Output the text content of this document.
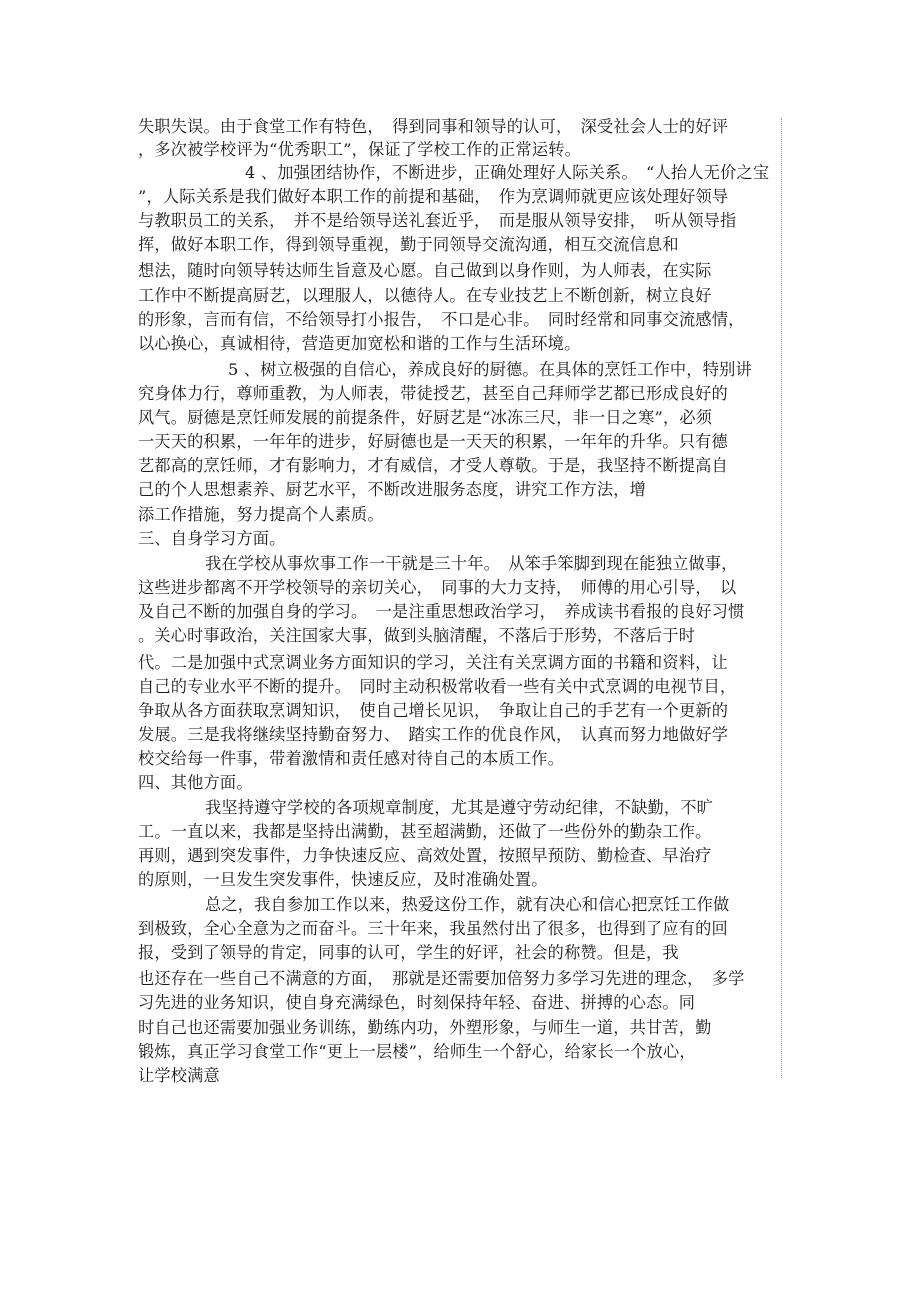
失职失误。由于食堂工作有特色，　得到同事和领导的认可，　深受社会人士的好评
，多次被学校评为“优秀职工”，保证了学校工作的正常运转。
4 、加强团结协作，不断进步，正确处理好人际关系。　“人抬人无价之宝
”，人际关系是我们做好本职工作的前提和基础，　作为烹调师就更应该处理好领导
与教职员工的关系，　并不是给领导送礼套近乎，　而是服从领导安排，　听从领导指
挥，做好本职工作，得到领导重视，勤于同领导交流沟通，相互交流信息和
想法，随时向领导转达师生旨意及心愿。自己做到以身作则，为人师表，在实际
工作中不断提高厨艺，以理服人，以德待人。在专业技艺上不断创新，树立良好
的形象，言而有信，不给领导打小报告，　不口是心非。　同时经常和同事交流感情，
以心换心，真诚相待，营造更加宽松和谐的工作与生活环境。
5 、树立极强的自信心，养成良好的厨德。在具体的烹饪工作中，特别讲
究身体力行，尊师重教，为人师表，带徒授艺，甚至自己拜师学艺都已形成良好的
风气。厨德是烹饪师发展的前提条件，好厨艺是“冰冻三尺，非一日之寒”，必须
一天天的积累，一年年的进步，好厨德也是一天天的积累，一年年的升华。只有德
艺都高的烹饪师，才有影响力，才有威信，才受人尊敬。于是，我坚持不断提高自
己的个人思想素养、厨艺水平，不断改进服务态度，讲究工作方法，增
添工作措施，努力提高个人素质。
三、自身学习方面。
我在学校从事炊事工作一干就是三十年。　从笨手笨脚到现在能独立做事，
这些进步都离不开学校领导的亲切关心，　同事的大力支持，　师傅的用心引导，　以
及自己不断的加强自身的学习。　一是注重思想政治学习，　养成读书看报的良好习惯
。关心时事政治，关注国家大事，做到头脑清醒，不落后于形势，不落后于时
代。二是加强中式烹调业务方面知识的学习，关注有关烹调方面的书籍和资料，让
自己的专业水平不断的提升。　同时主动积极常收看一些有关中式烹调的电视节目，
争取从各方面获取烹调知识，　使自己增长见识，　争取让自己的手艺有一个更新的
发展。三是我将继续坚持勤奋努力、　踏实工作的优良作风，　认真而努力地做好学
校交给每一件事，带着激情和责任感对待自己的本质工作。
四、其他方面。
我坚持遵守学校的各项规章制度，尤其是遵守劳动纪律，不缺勤，不旷
工。一直以来，我都是坚持出满勤，甚至超满勤，还做了一些份外的勤杂工作。
再则，遇到突发事件，力争快速反应、高效处置，按照早预防、勤检查、早治疗
的原则，一旦发生突发事件，快速反应，及时准确处置。
总之，我自参加工作以来，热爱这份工作，就有决心和信心把烹饪工作做
到极致，全心全意为之而奋斗。三十年来，我虽然付出了很多，也得到了应有的回
报，受到了领导的肯定，同事的认可，学生的好评，社会的称赞。但是，我
也还存在一些自己不满意的方面，　那就是还需要加倍努力多学习先进的理念，　多学
习先进的业务知识，使自身充满绿色，时刻保持年轻、奋进、拼搏的心态。同
时自己也还需要加强业务训练，勤练内功，外塑形象，与师生一道，共甘苦，勤
锻炼，真正学习食堂工作“更上一层楼”，给师生一个舒心，给家长一个放心，
让学校满意
